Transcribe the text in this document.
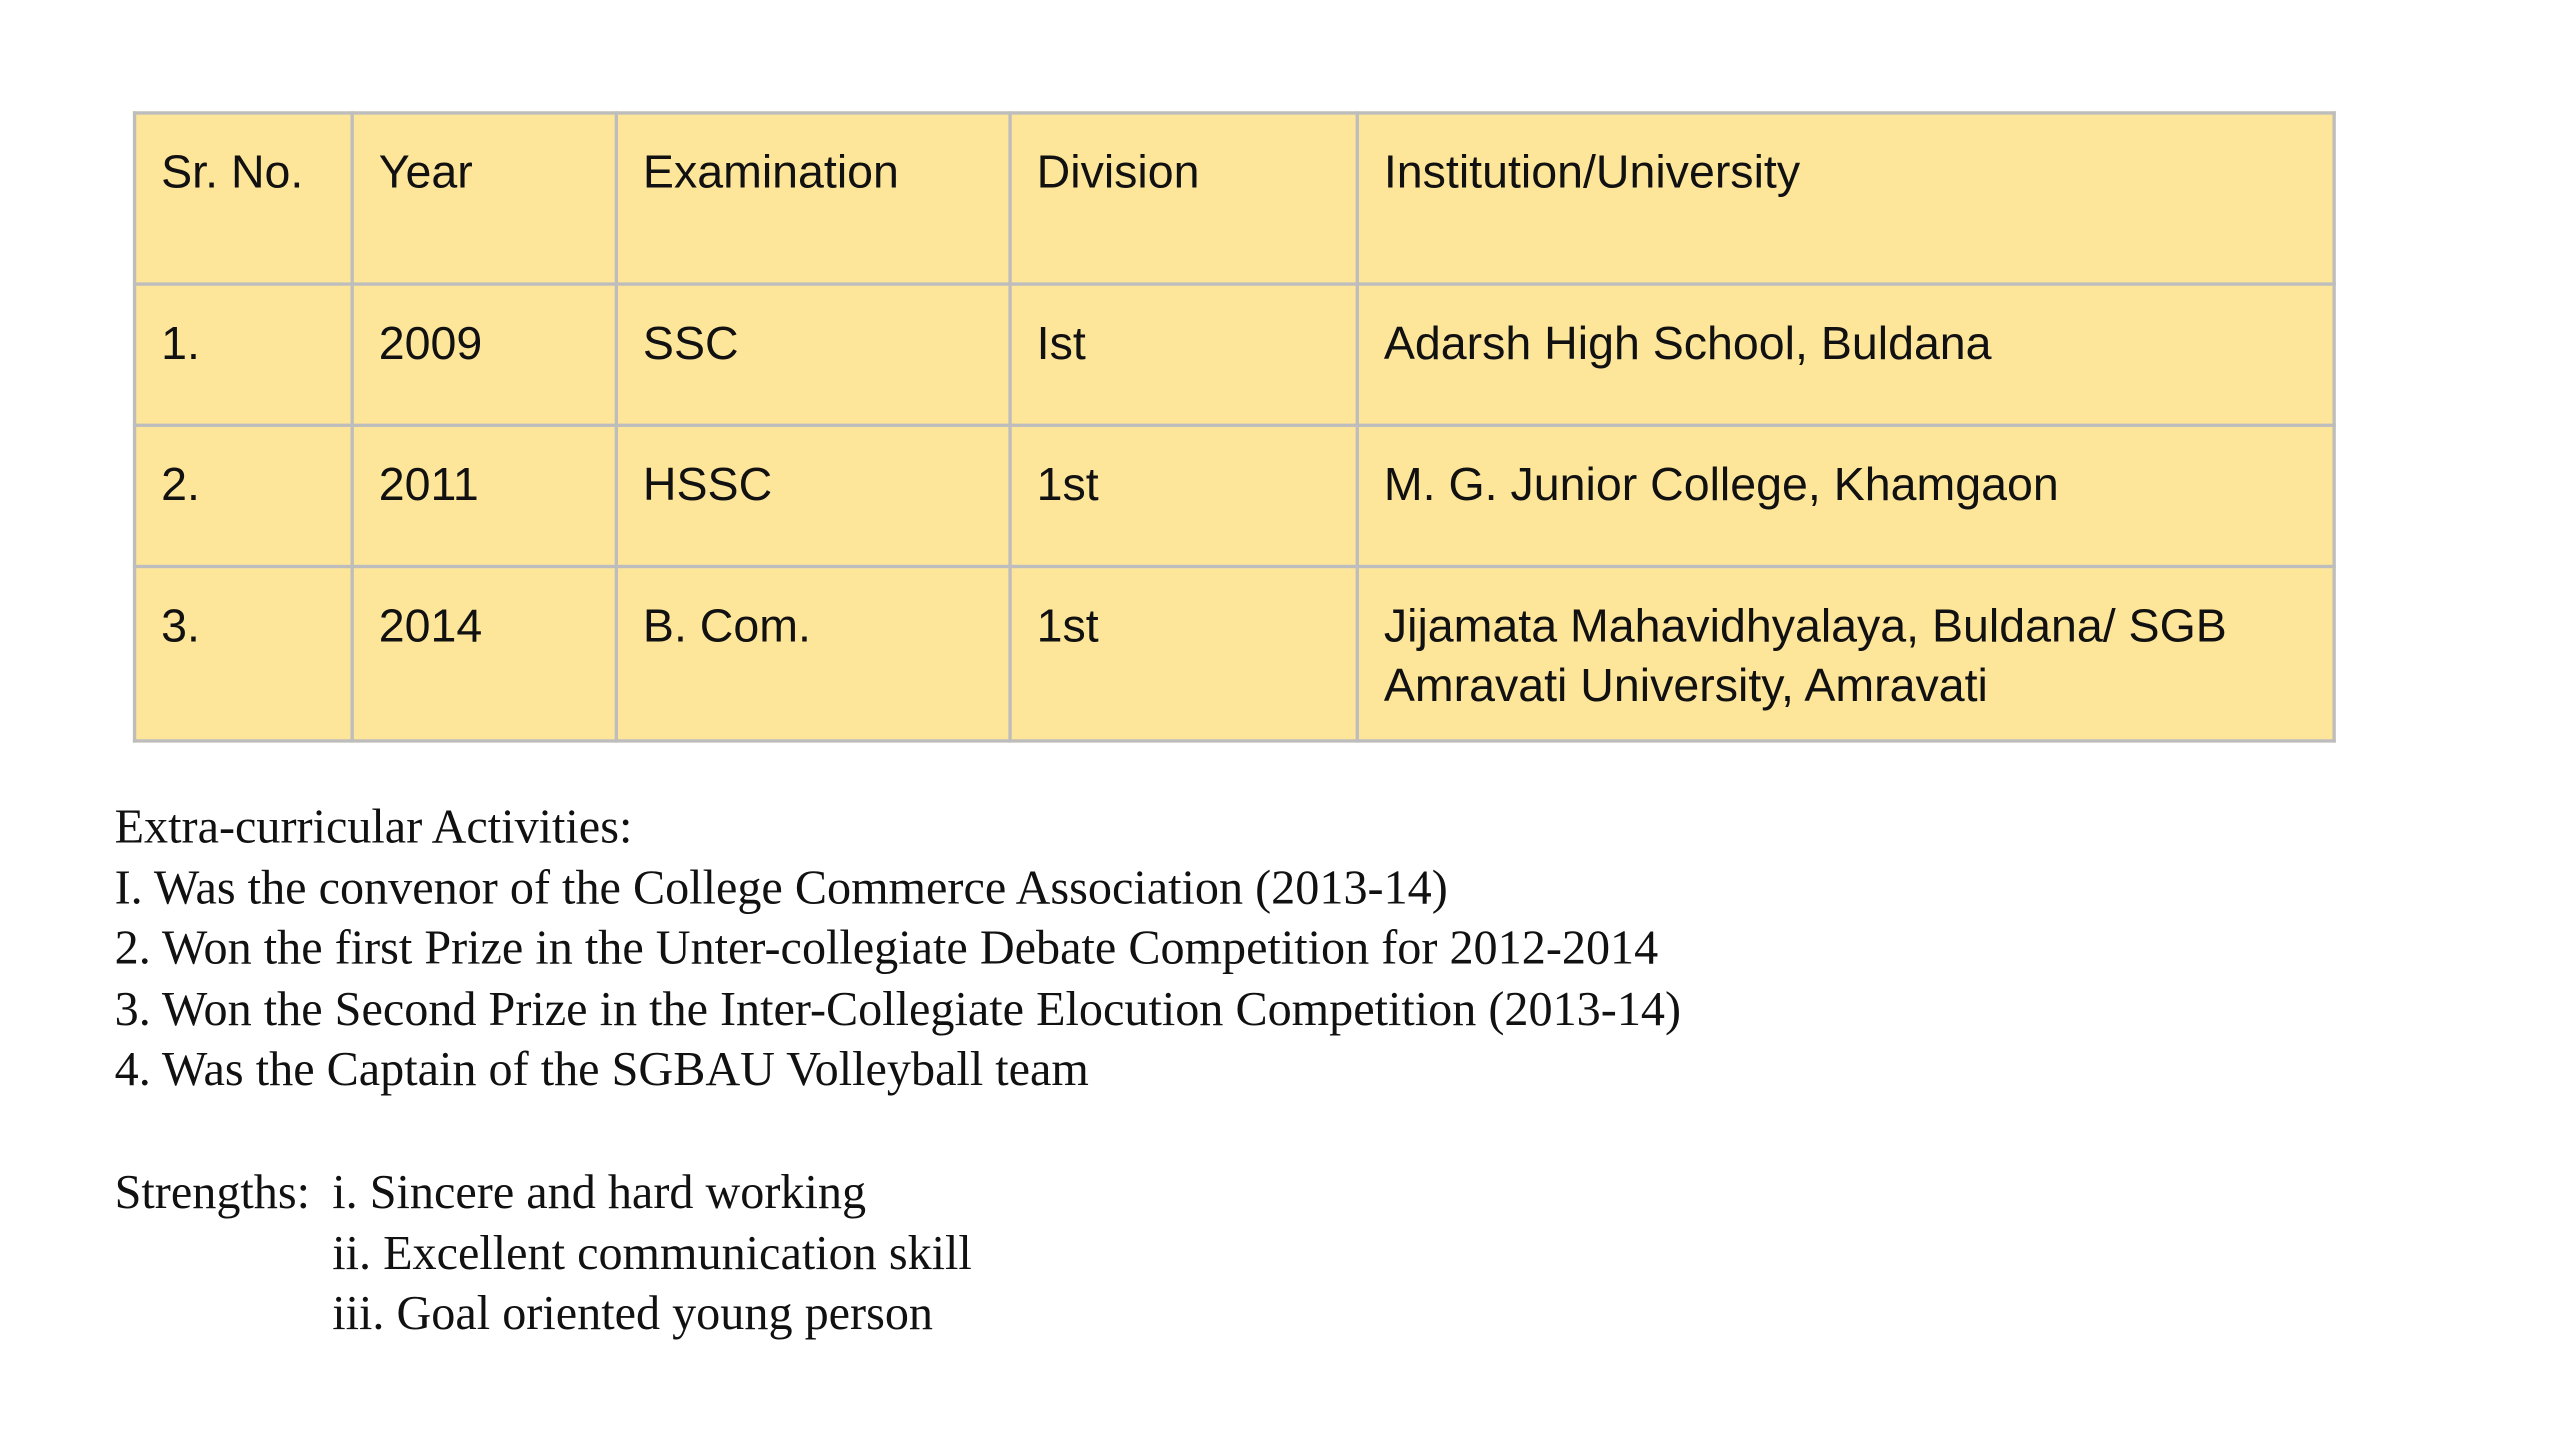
Sr. No.	Year	Examination	Division	Institution/University
1.	2009	SSC	Ist	Adarsh High School, Buldana
2.	2011	HSSC	1st	M. G. Junior College, Khamgaon
3.	2014	B. Com.	1st	Jijamata Mahavidhyalaya, Buldana/ SGB Amravati University, Amravati
Extra-curricular Activities:
I. Was the convenor of the College Commerce Association (2013-14)
2. Won the first Prize in the Unter-collegiate Debate Competition for 2012-2014
3. Won the Second Prize in the Inter-Collegiate Elocution Competition (2013-14)
4. Was the Captain of the SGBAU Volleyball team
Strengths: i. Sincere and hard working
ii. Excellent communication skill
iii. Goal oriented young person
